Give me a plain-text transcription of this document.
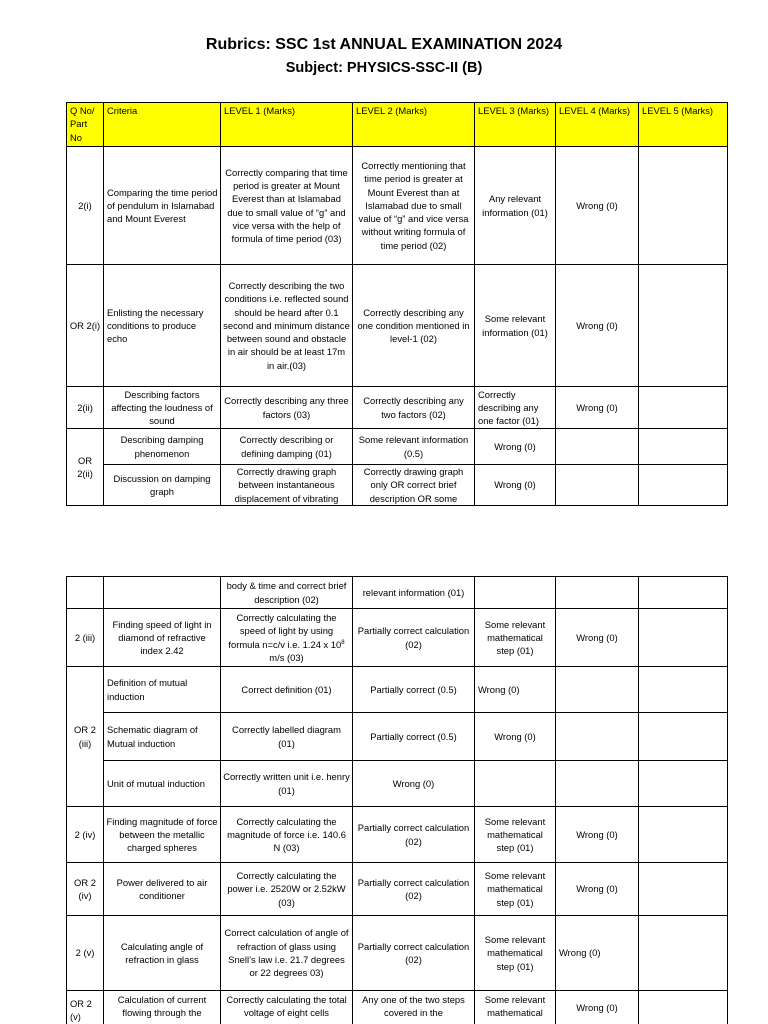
Rubrics: SSC 1st ANNUAL EXAMINATION 2024
Subject: PHYSICS-SSC-II (B)
Q No/ Part No	Criteria	LEVEL 1 (Marks)	LEVEL 2 (Marks)	LEVEL 3 (Marks)	LEVEL 4 (Marks)	LEVEL 5 (Marks)
2(i)	Comparing the time period of pendulum in Islamabad and Mount Everest	Correctly comparing that time period is greater at Mount Everest than at Islamabad due to small value of “g” and vice versa with the help of formula of time period (03)	Correctly mentioning that time period is greater at Mount Everest than at Islamabad due to small value of “g” and vice versa without writing formula of time period (02)	Any relevant information (01)	Wrong (0)	
OR 2(i)	Enlisting the necessary conditions to produce echo	Correctly describing the two conditions i.e. reflected sound should be heard after 0.1 second and minimum distance between sound and obstacle in air should be at least 17m in air.(03)	Correctly describing any one condition mentioned in level-1 (02)	Some relevant information (01)	Wrong (0)	
2(ii)	Describing factors affecting the loudness of sound	Correctly describing any three factors (03)	Correctly describing any two factors (02)	Correctly describing any one factor (01)	Wrong (0)	
OR 2(ii)	Describing damping phenomenon	Correctly describing or defining damping (01)	Some relevant information (0.5)	Wrong (0)		
	Discussion on damping graph	Correctly drawing graph between instantaneous displacement of vibrating	Correctly drawing graph only OR correct brief description OR some	Wrong (0)		
		body & time and correct brief description (02)	relevant information (01)			
2 (iii)	Finding speed of light in diamond of refractive index 2.42	Correctly calculating the speed of light by using formula n=c/v i.e. 1.24 x $10^8$ m/s (03)	Partially correct calculation (02)	Some relevant mathematical step (01)	Wrong (0)	
OR 2 (iii)	Definition of mutual induction	Correct definition (01)	Partially correct (0.5)	Wrong (0)		
	Schematic diagram of Mutual induction	Correctly labelled diagram (01)	Partially correct (0.5)	Wrong (0)		
	Unit of mutual induction	Correctly written unit i.e. henry (01)	Wrong (0)			
2 (iv)	Finding magnitude of force between the metallic charged spheres	Correctly calculating the magnitude of force i.e. 140.6 N (03)	Partially correct calculation (02)	Some relevant mathematical step (01)	Wrong (0)	
OR 2 (iv)	Power delivered to air conditioner	Correctly calculating the power i.e. 2520W or 2.52kW (03)	Partially correct calculation (02)	Some relevant mathematical step (01)	Wrong (0)	
2 (v)	Calculating angle of refraction in glass	Correct calculation of angle of refraction of glass using Snell’s law i.e. 21.7 degrees or 22 degrees 03)	Partially correct calculation (02)	Some relevant mathematical step (01)	Wrong (0)	
OR 2 (v)	Calculation of current flowing through the	Correctly calculating the total voltage of eight cells	Any one of the two steps covered in the	Some relevant mathematical	Wrong (0)	
